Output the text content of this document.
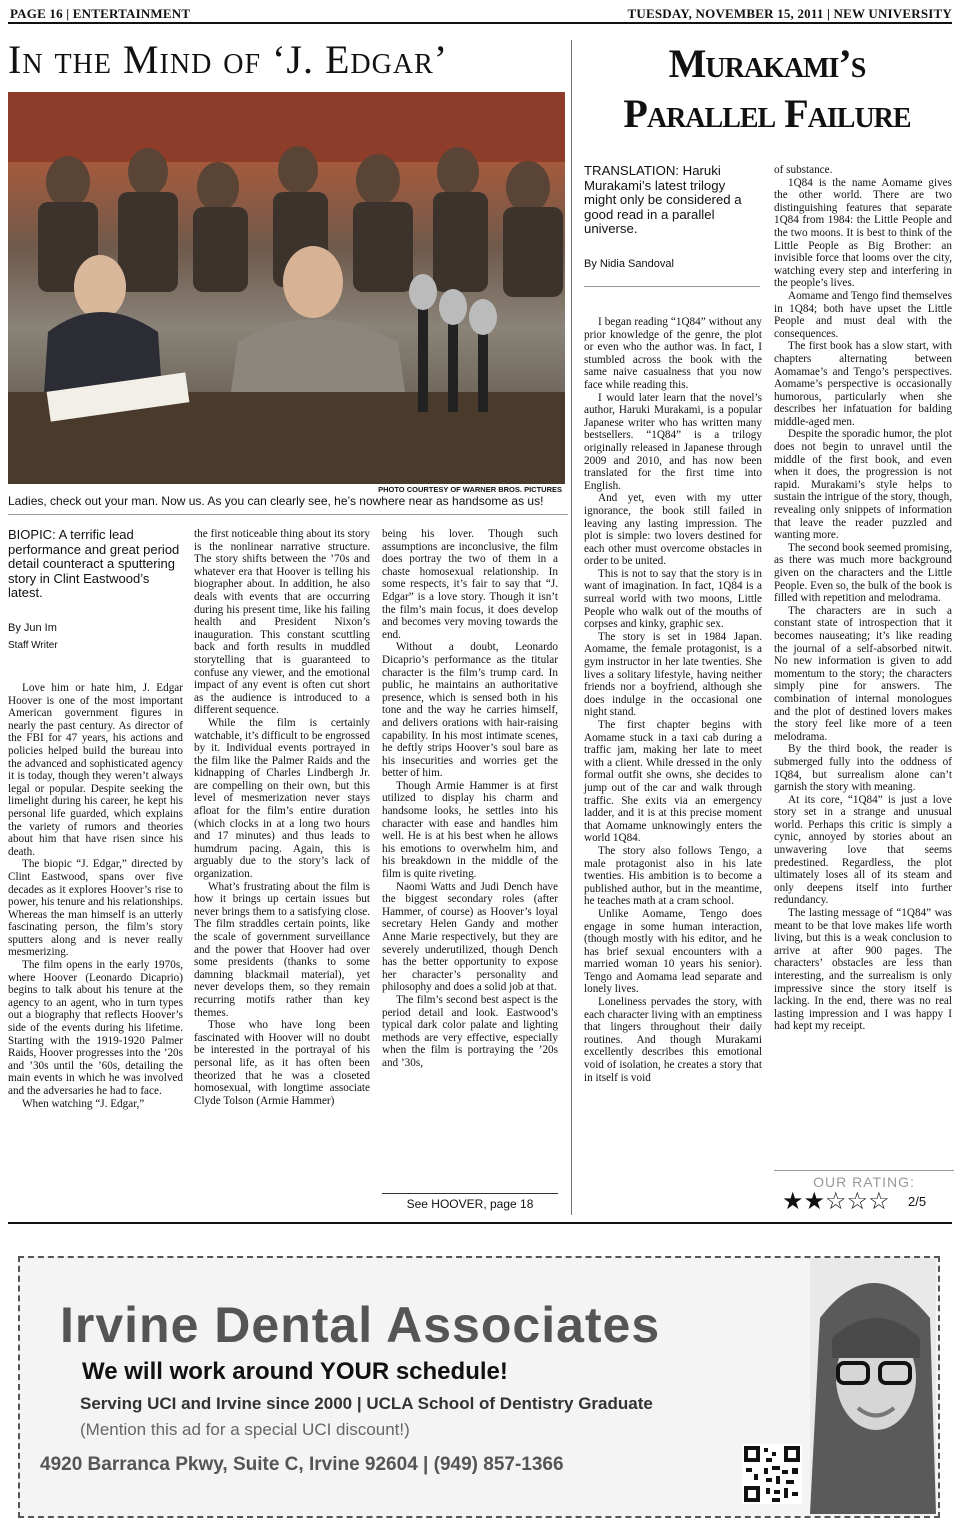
PAGE 16 | ENTERTAINMENT	TUESDAY, NOVEMBER 15, 2011 | NEW UNIVERSITY
In the Mind of ‘J. Edgar’
PHOTO COURTESY OF WARNER BROS. PICTURES
Ladies, check out your man. Now us. As you can clearly see, he’s nowhere near as handsome as us!
BIOPIC: A terrific lead performance and great period detail counteract a sputtering story in Clint Eastwood’s latest.
By Jun Im
Staff Writer

Love him or hate him, J. Edgar Hoover is one of the most important American government figures in nearly the past century. As director of the FBI for 47 years, his actions and policies helped build the bureau into the advanced and sophisticated agency it is today, though they weren’t always legal or popular. Despite seeking the limelight during his career, he kept his personal life guarded, which explains the variety of rumors and theories about him that have risen since his death.

The biopic “J. Edgar,” directed by Clint Eastwood, spans over five decades as it explores Hoover’s rise to power, his tenure and his relationships. Whereas the man himself is an utterly fascinating person, the film’s story sputters along and is never really mesmerizing.

The film opens in the early 1970s, where Hoover (Leonardo Dicaprio) begins to talk about his tenure at the agency to an agent, who in turn types out a biography that reflects Hoover’s side of the events during his lifetime. Starting with the 1919-1920 Palmer Raids, Hoover progresses into the ’20s and ’30s until the ’60s, detailing the main events in which he was involved and the adversaries he had to face.

When watching “J. Edgar,”

the first noticeable thing about its story is the nonlinear narrative structure. The story shifts between the ’70s and whatever era that Hoover is telling his biographer about. In addition, he also deals with events that are occurring during his present time, like his failing health and President Nixon’s inauguration. This constant scuttling back and forth results in muddled storytelling that is guaranteed to confuse any viewer, and the emotional impact of any event is often cut short as the audience is introduced to a different sequence.

While the film is certainly watchable, it’s difficult to be engrossed by it. Individual events portrayed in the film like the Palmer Raids and the kidnapping of Charles Lindbergh Jr. are compelling on their own, but this level of mesmerization never stays afloat for the film’s entire duration (which clocks in at a long two hours and 17 minutes) and thus leads to humdrum pacing. Again, this is arguably due to the story’s lack of organization.

What’s frustrating about the film is how it brings up certain issues but never brings them to a satisfying close. The film straddles certain points, like the scale of government surveillance and the power that Hoover had over some presidents (thanks to some damning blackmail material), yet never develops them, so they remain recurring motifs rather than key themes.

Those who have long been fascinated with Hoover will no doubt be interested in the portrayal of his personal life, as it has often been theorized that he was a closeted homosexual, with longtime associate Clyde Tolson (Armie Hammer)

being his lover. Though such assumptions are inconclusive, the film does portray the two of them in a chaste homosexual relationship. In some respects, it’s fair to say that “J. Edgar” is a love story. Though it isn’t the film’s main focus, it does develop and becomes very moving towards the end.

Without a doubt, Leonardo Dicaprio’s performance as the titular character is the film’s trump card. In public, he maintains an authoritative presence, which is sensed both in his tone and the way he carries himself, and delivers orations with hair-raising capability. In his most intimate scenes, he deftly strips Hoover’s soul bare as his insecurities and worries get the better of him.

Though Armie Hammer is at first utilized to display his charm and handsome looks, he settles into his character with ease and handles him well. He is at his best when he allows his emotions to overwhelm him, and his breakdown in the middle of the film is quite riveting.

Naomi Watts and Judi Dench have the biggest secondary roles (after Hammer, of course) as Hoover’s loyal secretary Helen Gandy and mother Anne Marie respectively, but they are severely underutilized, though Dench has the better opportunity to expose her character’s personality and philosophy and does a solid job at that.

The film’s second best aspect is the period detail and look. Eastwood’s typical dark color palate and lighting methods are very effective, especially when the film is portraying the ’20s and ’30s,

See HOOVER, page 18
Murakami’s
Parallel Failure
TRANSLATION: Haruki Murakami’s latest trilogy might only be considered a good read in a parallel universe.
By Nidia Sandoval

I began reading “1Q84” without any prior knowledge of the genre, the plot or even who the author was. In fact, I stumbled across the book with the same naive casualness that you now face while reading this.

I would later learn that the novel’s author, Haruki Murakami, is a popular Japanese writer who has written many bestsellers. “1Q84” is a trilogy originally released in Japanese through 2009 and 2010, and has now been translated for the first time into English.

And yet, even with my utter ignorance, the book still failed in leaving any lasting impression. The plot is simple: two lovers destined for each other must overcome obstacles in order to be united.

This is not to say that the story is in want of imagination. In fact, 1Q84 is a surreal world with two moons, Little People who walk out of the mouths of corpses and kinky, graphic sex.

The story is set in 1984 Japan. Aomame, the female protagonist, is a gym instructor in her late twenties. She lives a solitary lifestyle, having neither friends nor a boyfriend, although she does indulge in the occasional one night stand.

The first chapter begins with Aomame stuck in a taxi cab during a traffic jam, making her late to meet with a client. While dressed in the only formal outfit she owns, she decides to jump out of the car and walk through traffic. She exits via an emergency ladder, and it is at this precise moment that Aomame unknowingly enters the world 1Q84.

The story also follows Tengo, a male protagonist also in his late twenties. His ambition is to become a published author, but in the meantime, he teaches math at a cram school.

Unlike Aomame, Tengo does engage in some human interaction, (though mostly with his editor, and he has brief sexual encounters with a married woman 10 years his senior). Tengo and Aomama lead separate and lonely lives.

Loneliness pervades the story, with each character living with an emptiness that lingers throughout their daily routines. And though Murakami excellently describes this emotional void of isolation, he creates a story that in itself is void

of substance.

1Q84 is the name Aomame gives the other world. There are two distinguishing features that separate 1Q84 from 1984: the Little People and the two moons. It is best to think of the Little People as Big Brother: an invisible force that looms over the city, watching every step and interfering in the people’s lives.

Aomame and Tengo find themselves in 1Q84; both have upset the Little People and must deal with the consequences.

The first book has a slow start, with chapters alternating between Aomamae’s and Tengo’s perspectives. Aomame’s perspective is occasionally humorous, particularly when she describes her infatuation for balding middle-aged men.

Despite the sporadic humor, the plot does not begin to unravel until the middle of the first book, and even when it does, the progression is not rapid. Murakami’s style helps to sustain the intrigue of the story, though, revealing only snippets of information that leave the reader puzzled and wanting more.

The second book seemed promising, as there was much more background given on the characters and the Little People. Even so, the bulk of the book is filled with repetition and melodrama.

The characters are in such a constant state of introspection that it becomes nauseating; it’s like reading the journal of a self-absorbed nitwit. No new information is given to add momentum to the story; the characters simply pine for answers. The combination of internal monologues and the plot of destined lovers makes the story feel like more of a teen melodrama.

By the third book, the reader is submerged fully into the oddness of 1Q84, but surrealism alone can’t garnish the story with meaning.

At its core, “1Q84” is just a love story set in a strange and unusual world. Perhaps this critic is simply a cynic, annoyed by stories about an unwavering love that seems predestined. Regardless, the plot ultimately loses all of its steam and only deepens itself into further redundancy.

The lasting message of “1Q84” was meant to be that love makes life worth living, but this is a weak conclusion to arrive at after 900 pages. The characters’ obstacles are less than interesting, and the surrealism is only impressive since the story itself is lacking. In the end, there was no real lasting impression and I was happy I had kept my receipt.

OUR RATING:
★★☆☆☆ 2/5
Irvine Dental Associates
We will work around YOUR schedule!
Serving UCI and Irvine since 2000 | UCLA School of Dentistry Graduate
(Mention this ad for a special UCI discount!)
4920 Barranca Pkwy, Suite C, Irvine 92604 | (949) 857-1366
